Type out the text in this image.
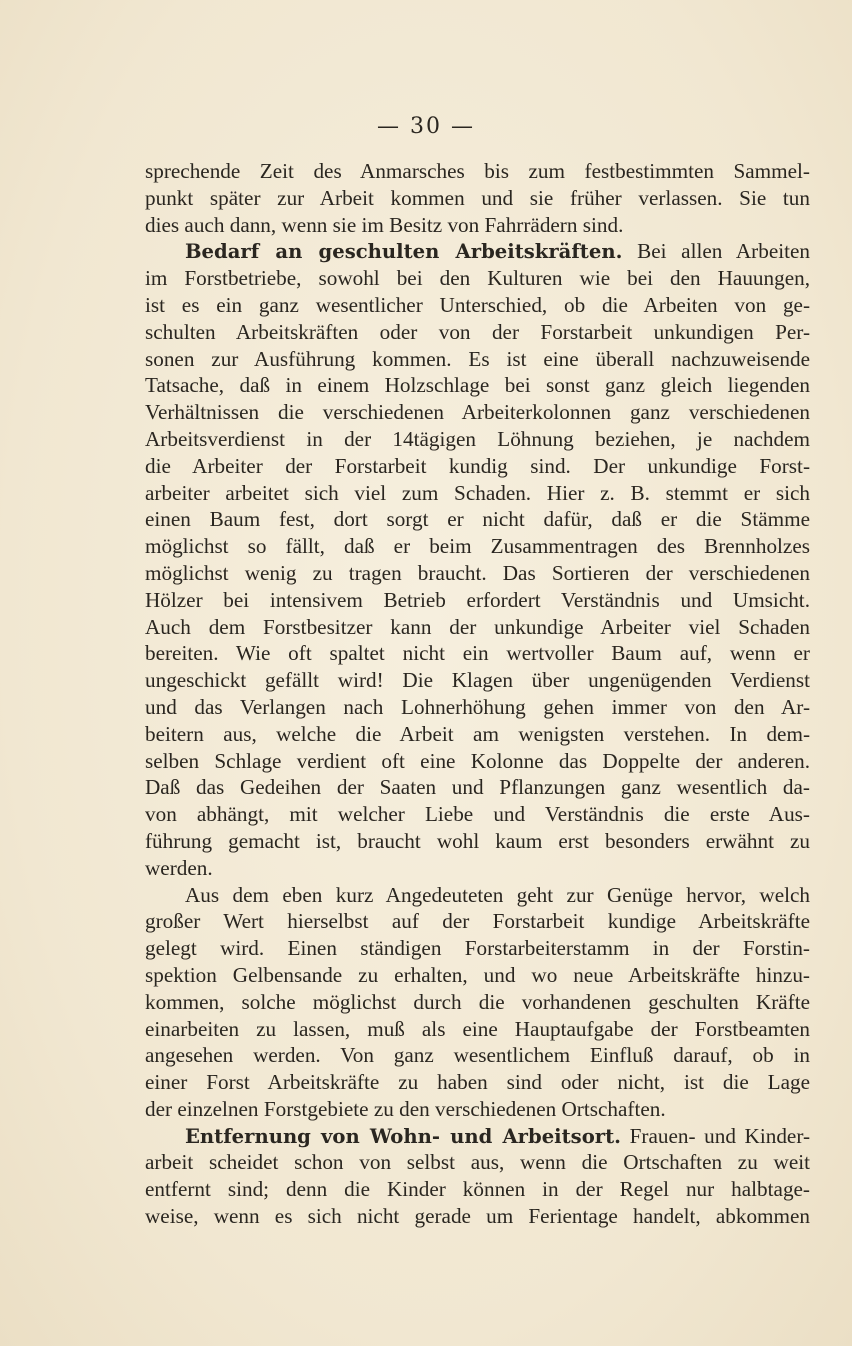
— 30 —
sprechende Zeit des Anmarsches bis zum festbestimmten Sammel-
punkt später zur Arbeit kommen und sie früher verlassen. Sie tun
dies auch dann, wenn sie im Besitz von Fahrrädern sind.
Bedarf an geschulten Arbeitskräften. Bei allen Arbeiten
im Forstbetriebe, sowohl bei den Kulturen wie bei den Hauungen,
ist es ein ganz wesentlicher Unterschied, ob die Arbeiten von ge-
schulten Arbeitskräften oder von der Forstarbeit unkundigen Per-
sonen zur Ausführung kommen. Es ist eine überall nachzuweisende
Tatsache, daß in einem Holzschlage bei sonst ganz gleich liegenden
Verhältnissen die verschiedenen Arbeiterkolonnen ganz verschiedenen
Arbeitsverdienst in der 14tägigen Löhnung beziehen, je nachdem
die Arbeiter der Forstarbeit kundig sind. Der unkundige Forst-
arbeiter arbeitet sich viel zum Schaden. Hier z. B. stemmt er sich
einen Baum fest, dort sorgt er nicht dafür, daß er die Stämme
möglichst so fällt, daß er beim Zusammentragen des Brennholzes
möglichst wenig zu tragen braucht. Das Sortieren der verschiedenen
Hölzer bei intensivem Betrieb erfordert Verständnis und Umsicht.
Auch dem Forstbesitzer kann der unkundige Arbeiter viel Schaden
bereiten. Wie oft spaltet nicht ein wertvoller Baum auf, wenn er
ungeschickt gefällt wird! Die Klagen über ungenügenden Verdienst
und das Verlangen nach Lohnerhöhung gehen immer von den Ar-
beitern aus, welche die Arbeit am wenigsten verstehen. In dem-
selben Schlage verdient oft eine Kolonne das Doppelte der anderen.
Daß das Gedeihen der Saaten und Pflanzungen ganz wesentlich da-
von abhängt, mit welcher Liebe und Verständnis die erste Aus-
führung gemacht ist, braucht wohl kaum erst besonders erwähnt zu
werden.
Aus dem eben kurz Angedeuteten geht zur Genüge hervor, welch
großer Wert hierselbst auf der Forstarbeit kundige Arbeitskräfte
gelegt wird. Einen ständigen Forstarbeiterstamm in der Forstin-
spektion Gelbensande zu erhalten, und wo neue Arbeitskräfte hinzu-
kommen, solche möglichst durch die vorhandenen geschulten Kräfte
einarbeiten zu lassen, muß als eine Hauptaufgabe der Forstbeamten
angesehen werden. Von ganz wesentlichem Einfluß darauf, ob in
einer Forst Arbeitskräfte zu haben sind oder nicht, ist die Lage
der einzelnen Forstgebiete zu den verschiedenen Ortschaften.
Entfernung von Wohn- und Arbeitsort. Frauen- und Kinder-
arbeit scheidet schon von selbst aus, wenn die Ortschaften zu weit
entfernt sind; denn die Kinder können in der Regel nur halbtage-
weise, wenn es sich nicht gerade um Ferientage handelt, abkommen
